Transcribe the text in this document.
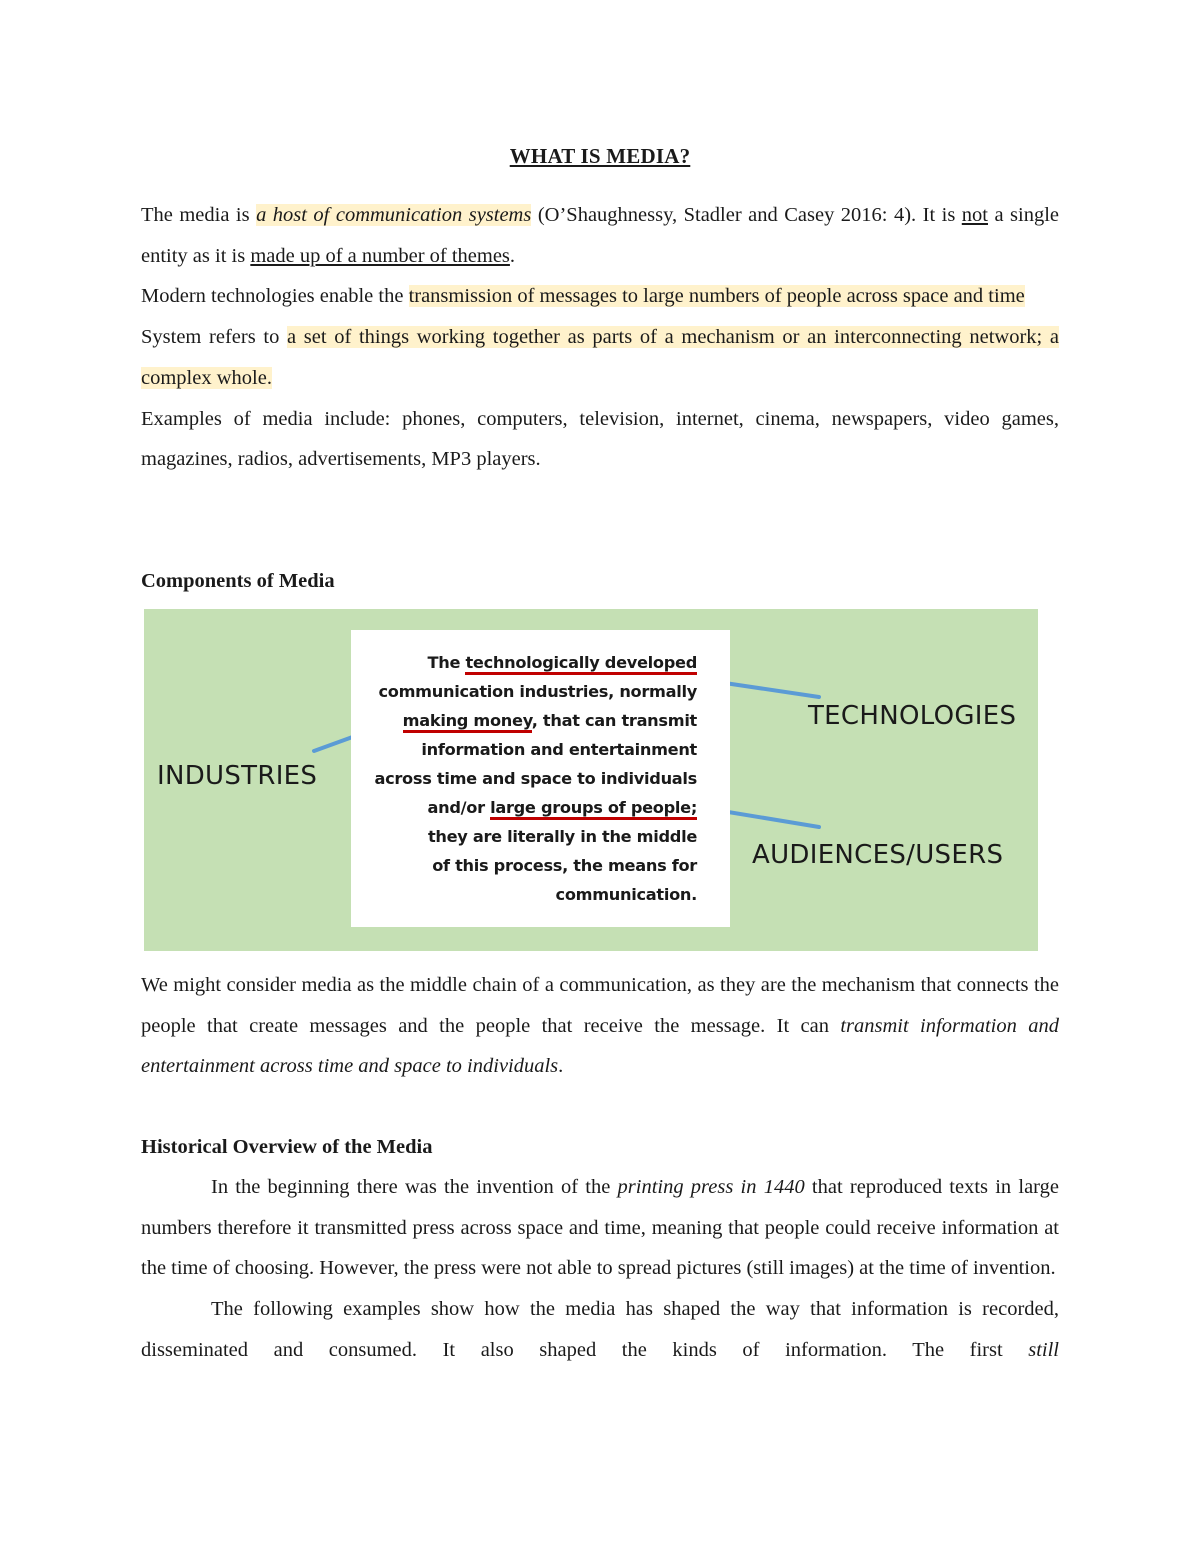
WHAT IS MEDIA?

The media is a host of communication systems (O’Shaughnessy, Stadler and Casey 2016: 4). It is not a single entity as it is made up of a number of themes.

Modern technologies enable the transmission of messages to large numbers of people across space and time

System refers to a set of things working together as parts of a mechanism or an interconnecting network; a complex whole.

Examples of media include: phones, computers, television, internet, cinema, newspapers, video games, magazines, radios, advertisements, MP3 players.

Components of Media

The technologically developed
communication industries, normally
making money, that can transmit
information and entertainment
across time and space to individuals
and/or large groups of people;
they are literally in the middle
of this process, the means for
communication.
INDUSTRIES
TECHNOLOGIES
AUDIENCES/USERS

We might consider media as the middle chain of a communication, as they are the mechanism that connects the people that create messages and the people that receive the message. It can transmit information and entertainment across time and space to individuals.

Historical Overview of the Media

In the beginning there was the invention of the printing press in 1440 that reproduced texts in large numbers therefore it transmitted press across space and time, meaning that people could receive information at the time of choosing. However, the press were not able to spread pictures (still images) at the time of invention.

The following examples show how the media has shaped the way that information is recorded, disseminated and consumed. It also shaped the kinds of information. The first still
